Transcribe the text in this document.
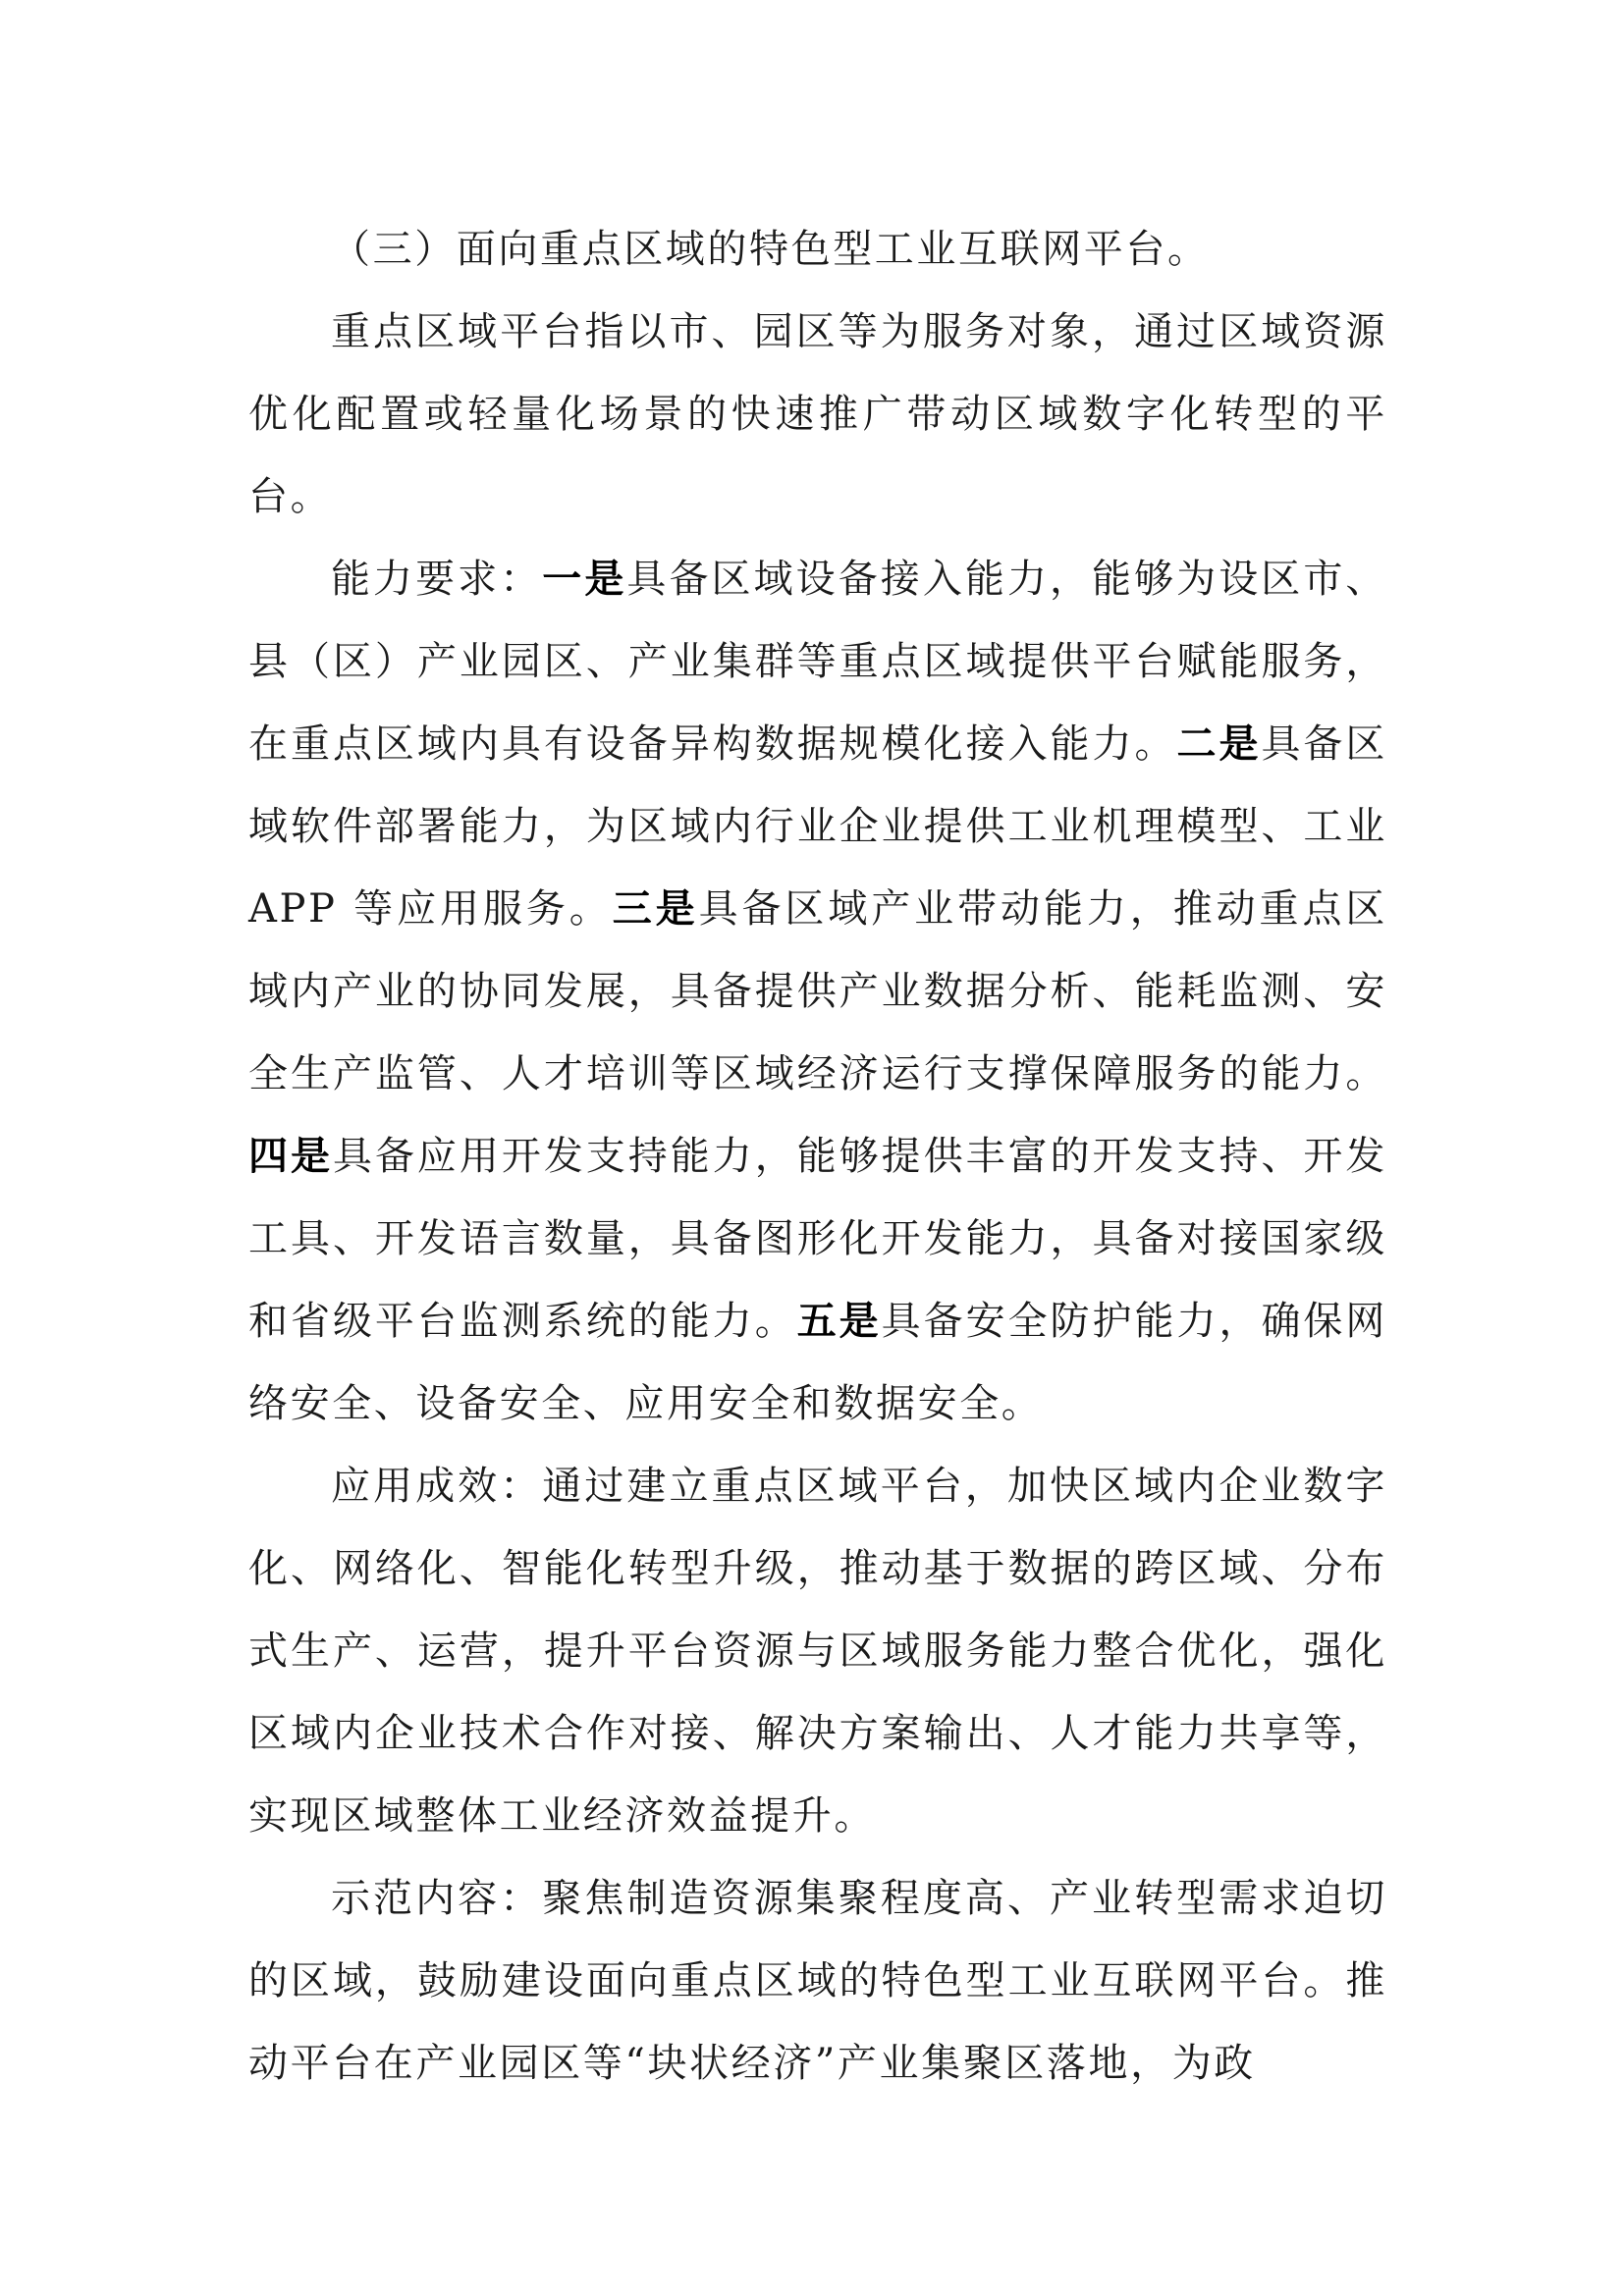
（三）面向重点区域的特色型工业互联网平台。

重点区域平台指以市、园区等为服务对象，通过区域资源优化配置或轻量化场景的快速推广带动区域数字化转型的平台。

能力要求：一是具备区域设备接入能力，能够为设区市、县（区）产业园区、产业集群等重点区域提供平台赋能服务，在重点区域内具有设备异构数据规模化接入能力。二是具备区域软件部署能力，为区域内行业企业提供工业机理模型、工业 APP 等应用服务。三是具备区域产业带动能力，推动重点区域内产业的协同发展，具备提供产业数据分析、能耗监测、安全生产监管、人才培训等区域经济运行支撑保障服务的能力。四是具备应用开发支持能力，能够提供丰富的开发支持、开发工具、开发语言数量，具备图形化开发能力，具备对接国家级和省级平台监测系统的能力。五是具备安全防护能力，确保网络安全、设备安全、应用安全和数据安全。

应用成效：通过建立重点区域平台，加快区域内企业数字化、网络化、智能化转型升级，推动基于数据的跨区域、分布式生产、运营，提升平台资源与区域服务能力整合优化，强化区域内企业技术合作对接、解决方案输出、人才能力共享等，实现区域整体工业经济效益提升。

示范内容：聚焦制造资源集聚程度高、产业转型需求迫切的区域，鼓励建设面向重点区域的特色型工业互联网平台。推动平台在产业园区等“块状经济”产业集聚区落地，为政
